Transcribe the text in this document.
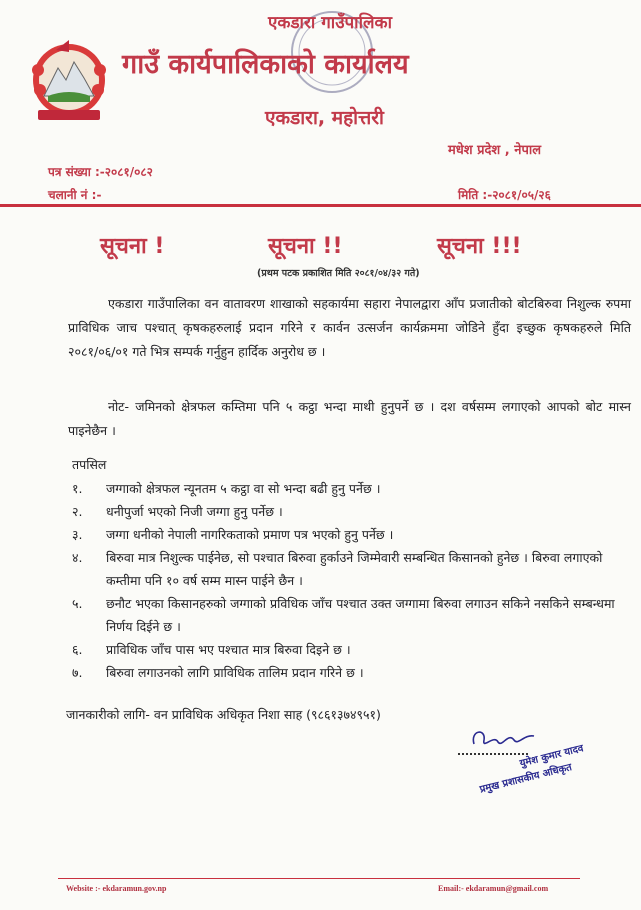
एकडारा गाउँपालिका
गाउँ कार्यपालिकाको कार्यालय
एकडारा, महोत्तरी
मधेश प्रदेश , नेपाल
पत्र संख्या :-२०८१/०८२
चलानी नं :-	मिति :-२०८१/०५/२६
सूचना !	सूचना !!	सूचना !!!
(प्रथम पटक प्रकाशित मिति २०८१/०४/३२ गते)
एकडारा गाउँपालिका वन वातावरण शाखाको सहकार्यमा सहारा नेपालद्वारा आँप प्रजातीको बोटबिरुवा निशुल्क रुपमा प्राविधिक जाच पश्चात् कृषकहरुलाई प्रदान गरिने र कार्वन उत्सर्जन कार्यक्रममा जोडिने हुँदा इच्छुक कृषकहरुले मिति २०८१/०६/०१ गते भित्र सम्पर्क गर्नुहुन हार्दिक अनुरोध छ ।
नोट- जमिनको क्षेत्रफल कम्तिमा पनि ५ कट्ठा भन्दा माथी हुनुपर्ने छ । दश वर्षसम्म लगाएको आपको बोट मास्न पाइनेछैन ।
तपसिल
१.	जग्गाको क्षेत्रफल न्यूनतम ५ कट्ठा वा सो भन्दा बढी हुनु पर्नेछ ।
२.	धनीपुर्जा भएको निजी जग्गा हुनु पर्नेछ ।
३.	जग्गा धनीको नेपाली नागरिकताको प्रमाण पत्र भएको हुनु पर्नेछ ।
४.	बिरुवा मात्र निशुल्क पाईनेछ, सो पश्चात बिरुवा हुर्काउने जिम्मेवारी सम्बन्धित किसानको हुनेछ । बिरुवा लगाएको कम्तीमा पनि १० वर्ष सम्म मास्न पाईने छैन ।
५.	छनौट भएका किसानहरुको जग्गाको प्रविधिक जाँच पश्चात उक्त जग्गामा बिरुवा लगाउन सकिने नसकिने सम्बन्धमा निर्णय दिईने छ ।
६.	प्राविधिक जाँच पास भए पश्चात मात्र बिरुवा दिइने छ ।
७.	बिरुवा लगाउनको लागि प्राविधिक तालिम प्रदान गरिने छ ।
जानकारीको लागि- वन प्राविधिक अधिकृत निशा साह (९८६१३७४९५१)
युमेश कुमार यादव
प्रमुख प्रशासकीय अधिकृत
Website :- ekdaramun.gov.np	Email:- ekdaramun@gmail.com
